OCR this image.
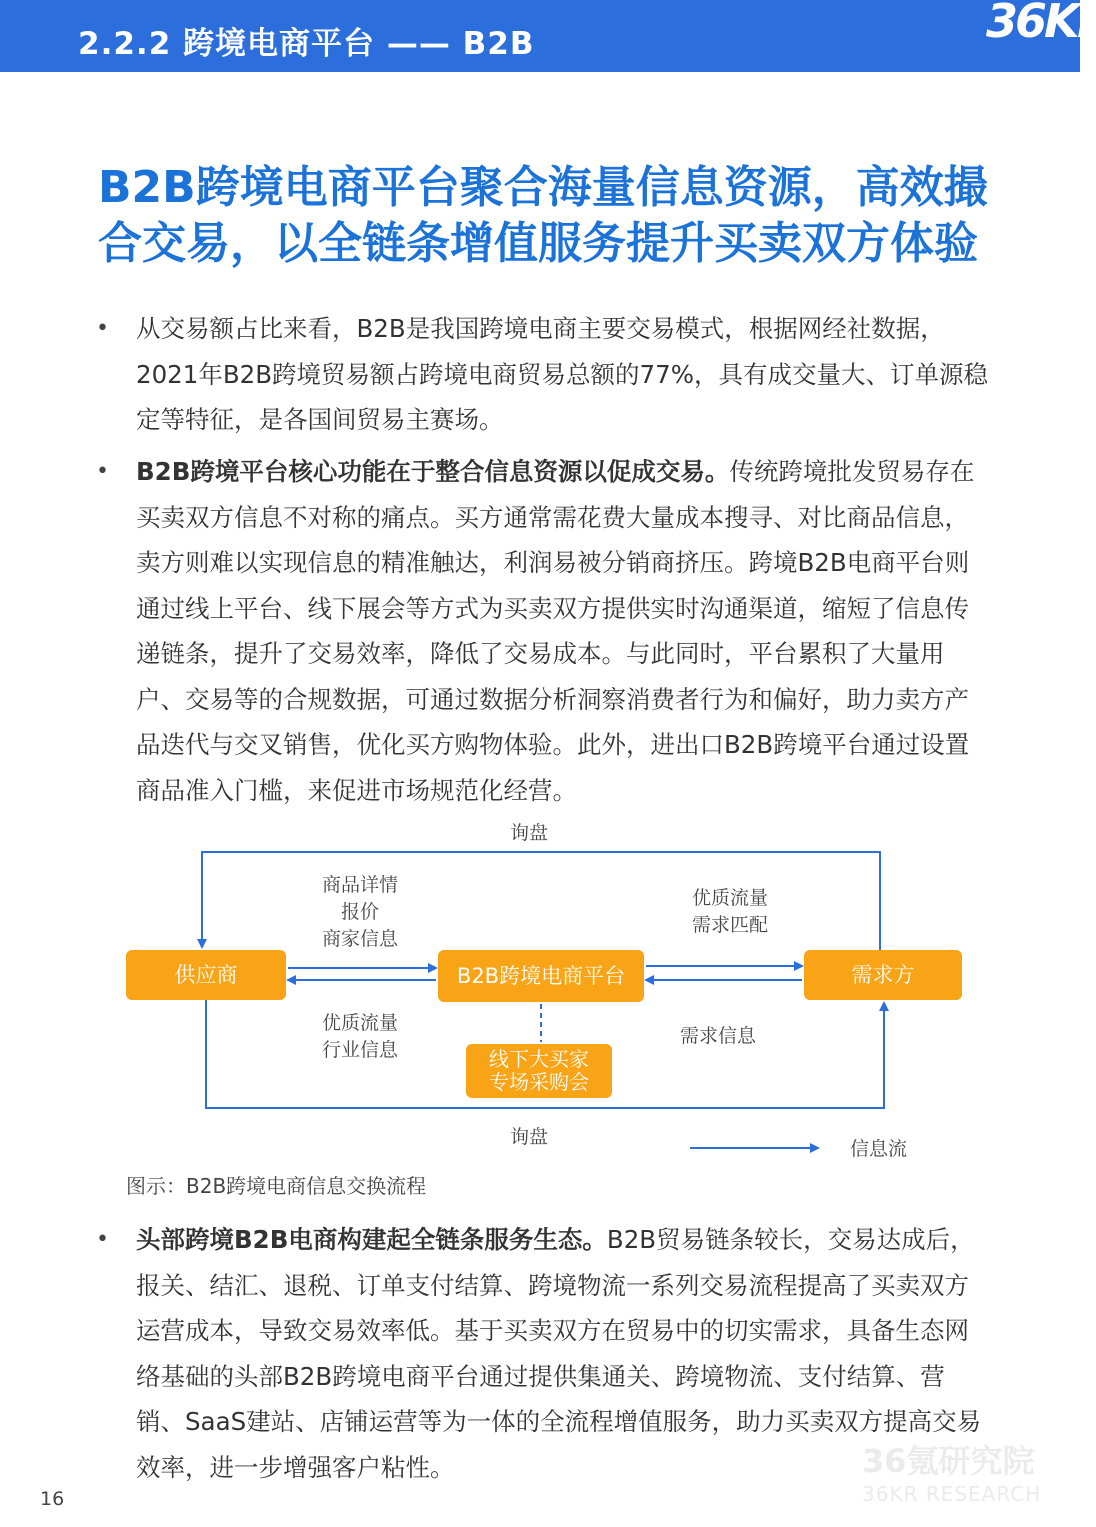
2.2.2 跨境电商平台 —— B2B	36Kr
B2B跨境电商平台聚合海量信息资源，高效撮合交易，以全链条增值服务提升买卖双方体验
• 从交易额占比来看，B2B是我国跨境电商主要交易模式，根据网经社数据，2021年B2B跨境贸易额占跨境电商贸易总额的77%，具有成交量大、订单源稳定等特征，是各国间贸易主赛场。
• B2B跨境平台核心功能在于整合信息资源以促成交易。传统跨境批发贸易存在买卖双方信息不对称的痛点。买方通常需花费大量成本搜寻、对比商品信息，卖方则难以实现信息的精准触达，利润易被分销商挤压。跨境B2B电商平台则通过线上平台、线下展会等方式为买卖双方提供实时沟通渠道，缩短了信息传递链条，提升了交易效率，降低了交易成本。与此同时，平台累积了大量用户、交易等的合规数据，可通过数据分析洞察消费者行为和偏好，助力卖方产品迭代与交叉销售，优化买方购物体验。此外，进出口B2B跨境平台通过设置商品准入门槛，来促进市场规范化经营。
供应商	B2B跨境电商平台	需求方
线下大买家
专场采购会
询盘
商品详情
报价
商家信息
优质流量
需求匹配
优质流量
行业信息
需求信息
询盘
信息流
图示：B2B跨境电商信息交换流程
• 头部跨境B2B电商构建起全链条服务生态。B2B贸易链条较长，交易达成后，报关、结汇、退税、订单支付结算、跨境物流一系列交易流程提高了买卖双方运营成本，导致交易效率低。基于买卖双方在贸易中的切实需求，具备生态网络基础的头部B2B跨境电商平台通过提供集通关、跨境物流、支付结算、营销、SaaS建站、店铺运营等为一体的全流程增值服务，助力买卖双方提高交易效率，进一步增强客户粘性。	36氪研究院
36KR RESEARCH
16
